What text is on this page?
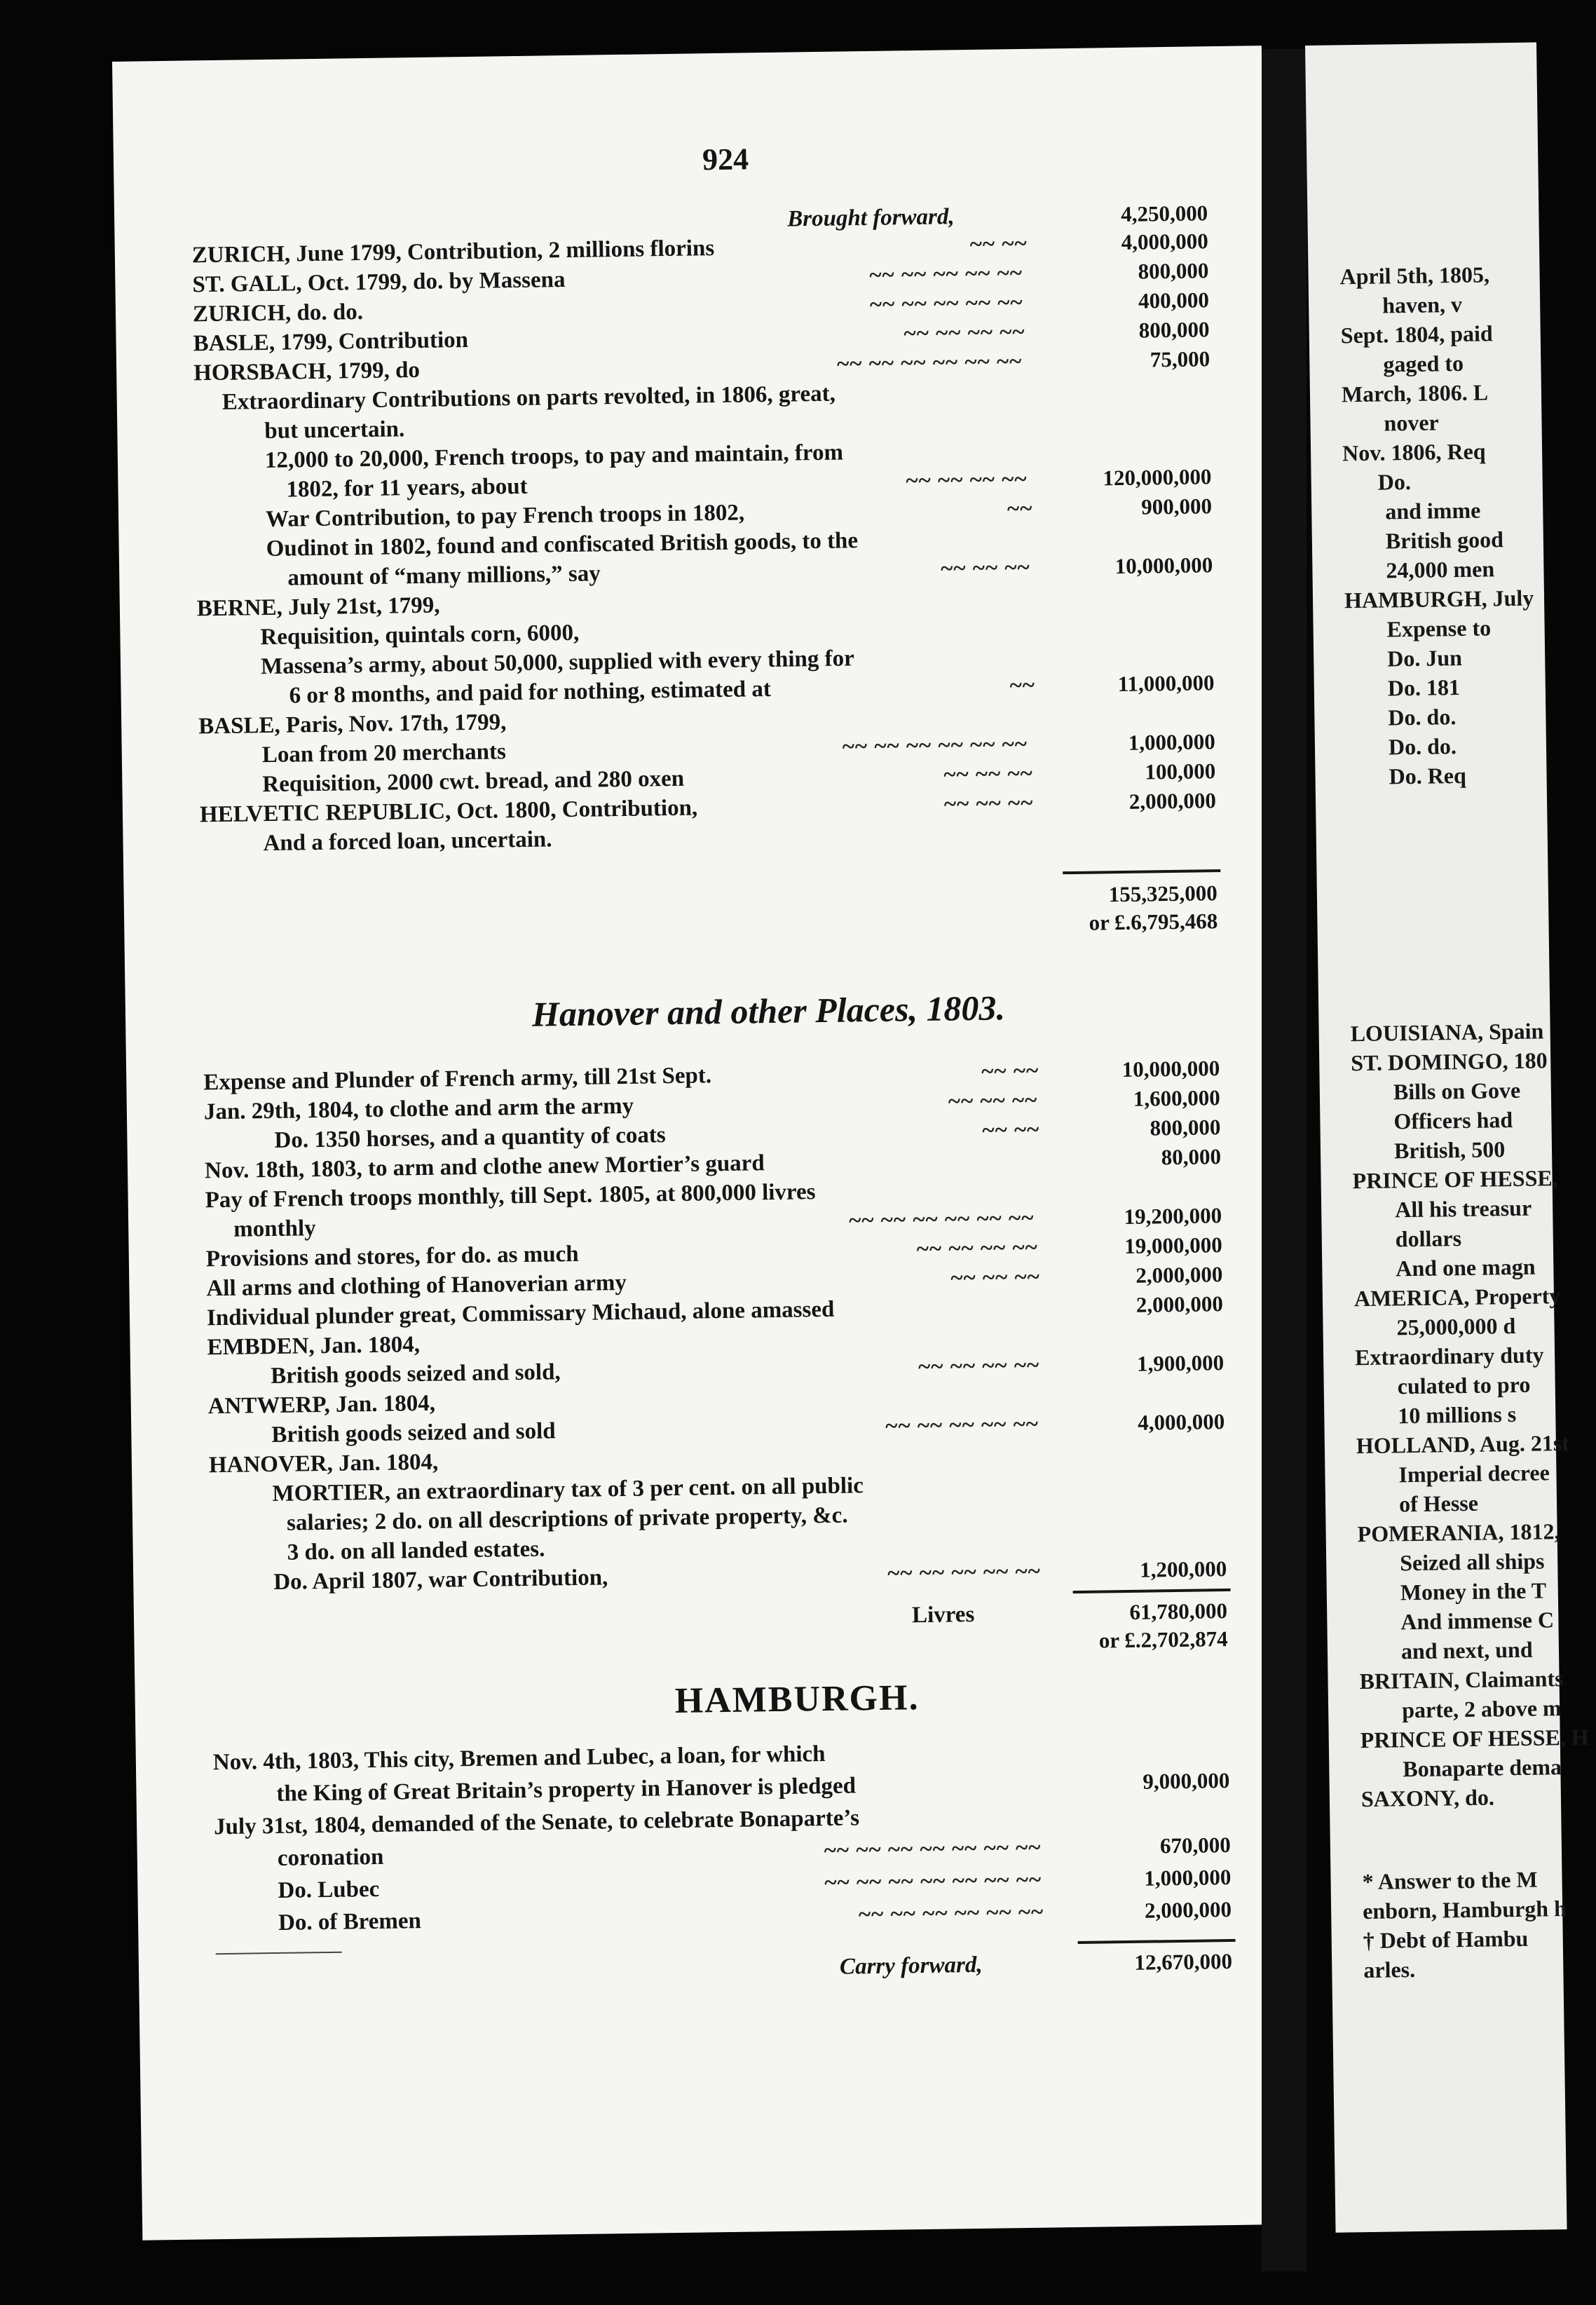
924
Brought forward,	4,250,000
ZURICH, June 1799, Contribution, 2 millions florins	~~ ~~	4,000,000
ST. GALL, Oct. 1799, do. by Massena	~~ ~~ ~~ ~~ ~~	800,000
ZURICH, do. do.	~~ ~~ ~~ ~~ ~~	400,000
BASLE, 1799, Contribution	~~ ~~ ~~ ~~	800,000
HORSBACH, 1799, do	~~ ~~ ~~ ~~ ~~ ~~	75,000
Extraordinary Contributions on parts revolted, in 1806, great,
but uncertain.
12,000 to 20,000, French troops, to pay and maintain, from
1802, for 11 years, about	~~ ~~ ~~ ~~	120,000,000
War Contribution, to pay French troops in 1802,	~~	900,000
Oudinot in 1802, found and confiscated British goods, to the
amount of “many millions,” say	~~ ~~ ~~	10,000,000
BERNE, July 21st, 1799,
Requisition, quintals corn, 6000,
Massena’s army, about 50,000, supplied with every thing for
6 or 8 months, and paid for nothing, estimated at	~~	11,000,000
BASLE, Paris, Nov. 17th, 1799,
Loan from 20 merchants	~~ ~~ ~~ ~~ ~~ ~~	1,000,000
Requisition, 2000 cwt. bread, and 280 oxen	~~ ~~ ~~	100,000
HELVETIC REPUBLIC, Oct. 1800, Contribution,	~~ ~~ ~~	2,000,000
And a forced loan, uncertain.
155,325,000
or £.6,795,468
Hanover and other Places, 1803.
Expense and Plunder of French army, till 21st Sept.	~~ ~~	10,000,000
Jan. 29th, 1804, to clothe and arm the army	~~ ~~ ~~	1,600,000
Do. 1350 horses, and a quantity of coats	~~ ~~	800,000
Nov. 18th, 1803, to arm and clothe anew Mortier’s guard	80,000
Pay of French troops monthly, till Sept. 1805, at 800,000 livres
monthly	~~ ~~ ~~ ~~ ~~ ~~	19,200,000
Provisions and stores, for do. as much	~~ ~~ ~~ ~~	19,000,000
All arms and clothing of Hanoverian army	~~ ~~ ~~	2,000,000
Individual plunder great, Commissary Michaud, alone amassed	2,000,000
EMBDEN, Jan. 1804,
British goods seized and sold,	~~ ~~ ~~ ~~	1,900,000
ANTWERP, Jan. 1804,
British goods seized and sold	~~ ~~ ~~ ~~ ~~	4,000,000
HANOVER, Jan. 1804,
MORTIER, an extraordinary tax of 3 per cent. on all public
salaries; 2 do. on all descriptions of private property, &c.
3 do. on all landed estates.
Do. April 1807, war Contribution,	~~ ~~ ~~ ~~ ~~	1,200,000
Livres	61,780,000
or £.2,702,874
HAMBURGH.
Nov. 4th, 1803, This city, Bremen and Lubec, a loan, for which
the King of Great Britain’s property in Hanover is pledged	9,000,000
July 31st, 1804, demanded of the Senate, to celebrate Bonaparte’s
coronation	~~ ~~ ~~ ~~ ~~ ~~ ~~	670,000
Do. Lubec	~~ ~~ ~~ ~~ ~~ ~~ ~~	1,000,000
Do. of Bremen	~~ ~~ ~~ ~~ ~~ ~~	2,000,000
Carry forward,	12,670,000
April 5th, 1805,
haven, v
Sept. 1804, paid
gaged to
March, 1806. L
nover
Nov. 1806, Req
Do.
and imme
British good
24,000 men
HAMBURGH, July
Expense to
Do. Jun
Do. 181
Do. do.
Do. do.
Do. Req
LOUISIANA, Spain
ST. DOMINGO, 180
Bills on Gove
Officers had
British, 500
PRINCE OF HESSE,
All his treasur
dollars
And one magn
AMERICA, Property
25,000,000 d
Extraordinary duty
culated to pro
10 millions s
HOLLAND, Aug. 21st
Imperial decree
of Hesse
POMERANIA, 1812,
Seized all ships
Money in the T
And immense C
and next, und
BRITAIN, Claimants
parte, 2 above m
PRINCE OF HESSE, H
Bonaparte dema
SAXONY, do.
* Answer to the M
enborn, Hamburgh h
† Debt of Hambu
arles.
